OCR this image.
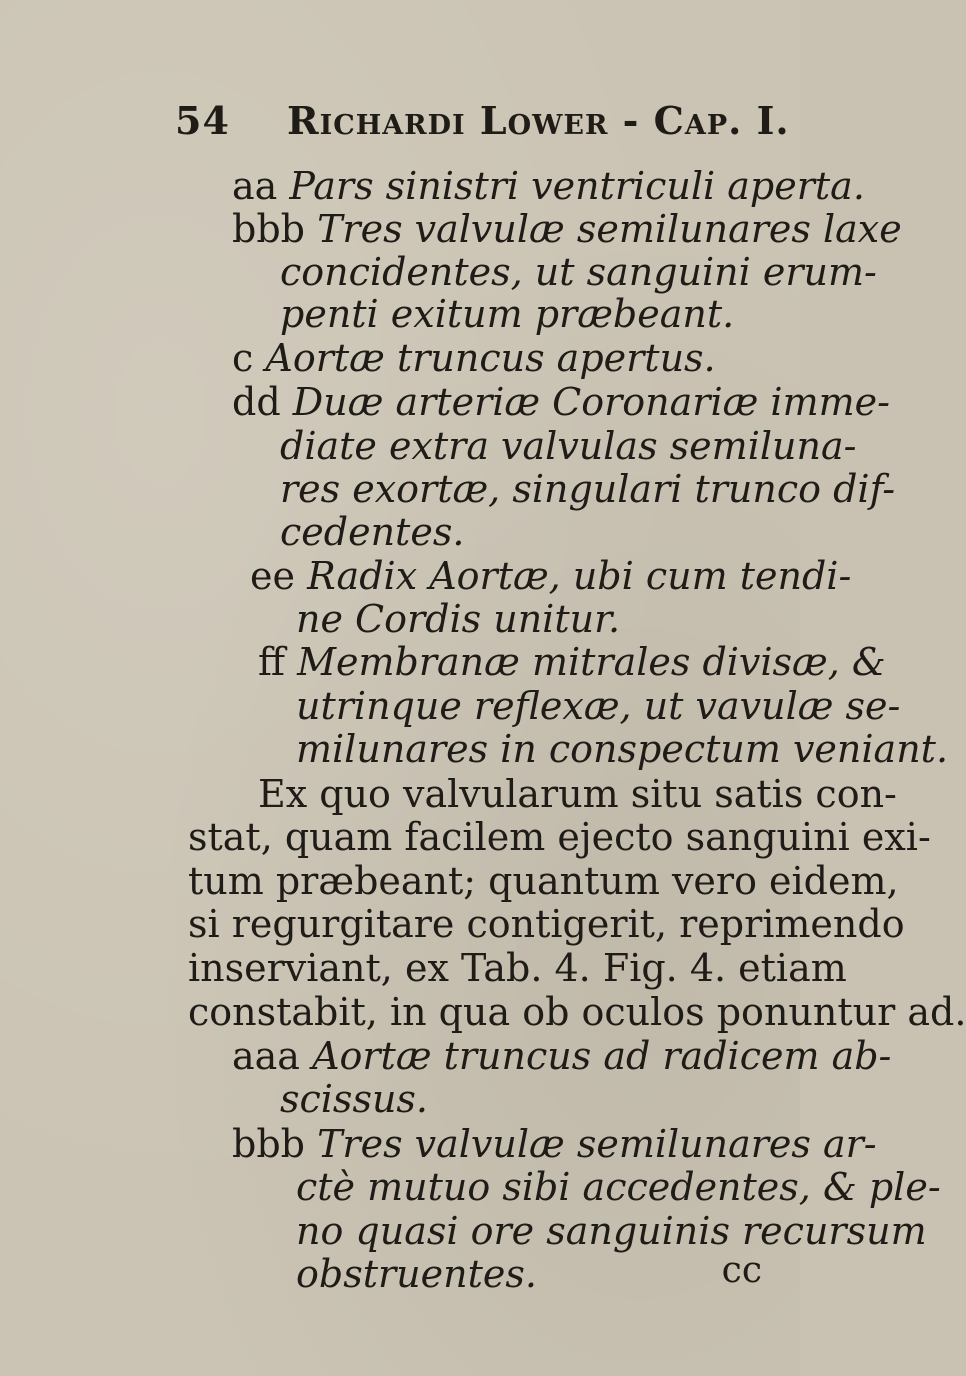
54 Richardi Lower - Cap. I.
aa Pars sinistri ventriculi aperta.
bbb Tres valvulæ semilunares laxe
concidentes, ut sanguini erum-
penti exitum præbeant.
c Aortæ truncus apertus.
dd Duæ arteriæ Coronariæ imme-
diate extra valvulas semiluna-
res exortæ, singulari trunco dif-
cedentes.
ee Radix Aortæ, ubi cum tendi-
ne Cordis unitur.
ff Membranæ mitrales divisæ, &
utrinque reflexæ, ut vavulæ se-
milunares in conspectum veniant.
Ex quo valvularum situ satis con-
stat, quam facilem ejecto sanguini exi-
tum præbeant; quantum vero eidem,
si regurgitare contigerit, reprimendo
inserviant, ex Tab. 4. Fig. 4. etiam
constabit, in qua ob oculos ponuntur ad.
aaa Aortæ truncus ad radicem ab-
scissus.
bbb Tres valvulæ semilunares ar-
ctè mutuo sibi accedentes, & ple-
no quasi ore sanguinis recursum
obstruentes.	cc
